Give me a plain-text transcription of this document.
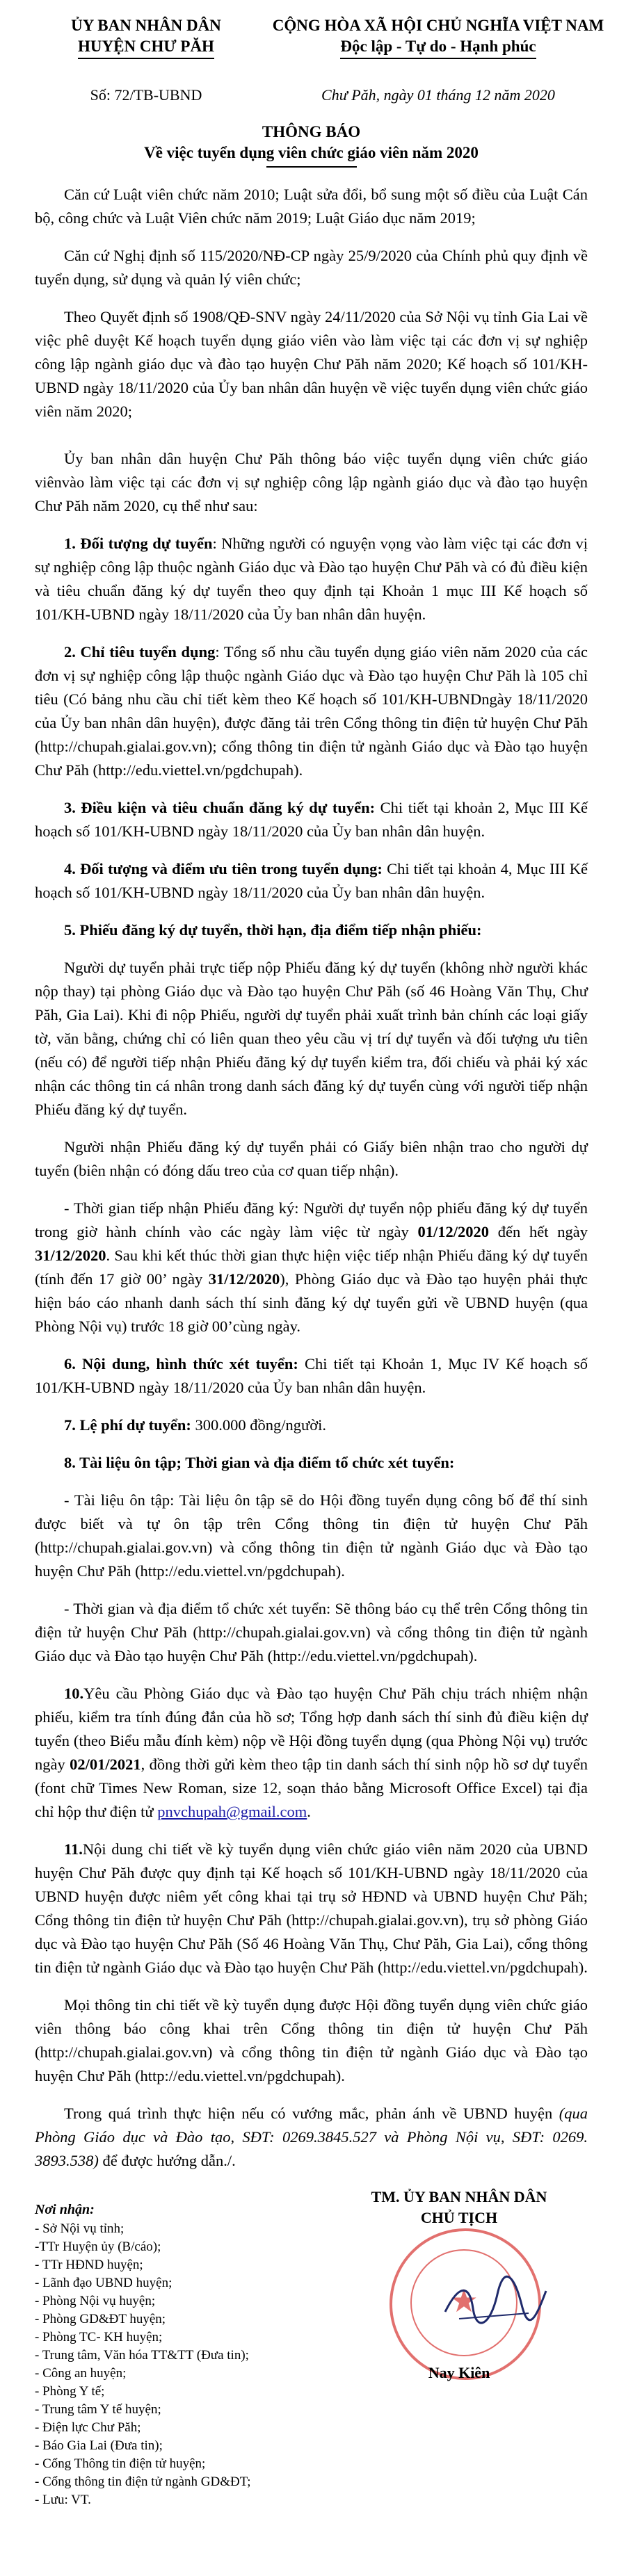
ỦY BAN NHÂN DÂN
HUYỆN CHƯ PĂH
CỘNG HÒA XÃ HỘI CHỦ NGHĨA VIỆT NAM
Độc lập - Tự do - Hạnh phúc
Số: 72/TB-UBND	Chư Păh, ngày 01 tháng 12 năm 2020
THÔNG BÁO
Về việc tuyển dụng viên chức giáo viên năm 2020

Căn cứ Luật viên chức năm 2010; Luật sửa đổi, bổ sung một số điều của Luật Cán bộ, công chức và Luật Viên chức năm 2019; Luật Giáo dục năm 2019;

Căn cứ Nghị định số 115/2020/NĐ-CP ngày 25/9/2020 của Chính phủ quy định về tuyển dụng, sử dụng và quản lý viên chức;

Theo Quyết định số 1908/QĐ-SNV ngày 24/11/2020 của Sở Nội vụ tỉnh Gia Lai về việc phê duyệt Kế hoạch tuyển dụng giáo viên vào làm việc tại các đơn vị sự nghiệp công lập ngành giáo dục và đào tạo huyện Chư Păh năm 2020; Kế hoạch số 101/KH-UBND ngày 18/11/2020 của Ủy ban nhân dân huyện về việc tuyển dụng viên chức giáo viên năm 2020;

Ủy ban nhân dân huyện Chư Păh thông báo việc tuyển dụng viên chức giáo viênvào làm việc tại các đơn vị sự nghiệp công lập ngành giáo dục và đào tạo huyện Chư Păh năm 2020, cụ thể như sau:

1. Đối tượng dự tuyển: Những người có nguyện vọng vào làm việc tại các đơn vị sự nghiệp công lập thuộc ngành Giáo dục và Đào tạo huyện Chư Păh và có đủ điều kiện và tiêu chuẩn đăng ký dự tuyển theo quy định tại Khoản 1 mục III Kế hoạch số 101/KH-UBND ngày 18/11/2020 của Ủy ban nhân dân huyện.

2. Chỉ tiêu tuyển dụng: Tổng số nhu cầu tuyển dụng giáo viên năm 2020 của các đơn vị sự nghiệp công lập thuộc ngành Giáo dục và Đào tạo huyện Chư Păh là 105 chỉ tiêu (Có bảng nhu cầu chỉ tiết kèm theo Kế hoạch số 101/KH-UBNDngày 18/11/2020 của Ủy ban nhân dân huyện), được đăng tải trên Cổng thông tin điện tử huyện Chư Păh (http://chupah.gialai.gov.vn); cổng thông tin điện tử ngành Giáo dục và Đào tạo huyện Chư Păh (http://edu.viettel.vn/pgdchupah).

3. Điều kiện và tiêu chuẩn đăng ký dự tuyển: Chi tiết tại khoản 2, Mục III Kế hoạch số 101/KH-UBND ngày 18/11/2020 của Ủy ban nhân dân huyện.

4. Đối tượng và điểm ưu tiên trong tuyển dụng: Chi tiết tại khoản 4, Mục III Kế hoạch số 101/KH-UBND ngày 18/11/2020 của Ủy ban nhân dân huyện.

5. Phiếu đăng ký dự tuyển, thời hạn, địa điểm tiếp nhận phiếu:

Người dự tuyển phải trực tiếp nộp Phiếu đăng ký dự tuyển (không nhờ người khác nộp thay) tại phòng Giáo dục và Đào tạo huyện Chư Păh (số 46 Hoàng Văn Thụ, Chư Păh, Gia Lai). Khi đi nộp Phiếu, người dự tuyển phải xuất trình bản chính các loại giấy tờ, văn bằng, chứng chỉ có liên quan theo yêu cầu vị trí dự tuyển và đối tượng ưu tiên (nếu có) để người tiếp nhận Phiếu đăng ký dự tuyển kiểm tra, đối chiếu và phải ký xác nhận các thông tin cá nhân trong danh sách đăng ký dự tuyển cùng với người tiếp nhận Phiếu đăng ký dự tuyển.

Người nhận Phiếu đăng ký dự tuyển phải có Giấy biên nhận trao cho người dự tuyển (biên nhận có đóng dấu treo của cơ quan tiếp nhận).

- Thời gian tiếp nhận Phiếu đăng ký: Người dự tuyển nộp phiếu đăng ký dự tuyển trong giờ hành chính vào các ngày làm việc từ ngày 01/12/2020 đến hết ngày 31/12/2020. Sau khi kết thúc thời gian thực hiện việc tiếp nhận Phiếu đăng ký dự tuyển (tính đến 17 giờ 00’ ngày 31/12/2020), Phòng Giáo dục và Đào tạo huyện phải thực hiện báo cáo nhanh danh sách thí sinh đăng ký dự tuyển gửi về UBND huyện (qua Phòng Nội vụ) trước 18 giờ 00’cùng ngày.

6. Nội dung, hình thức xét tuyển: Chi tiết tại Khoản 1, Mục IV Kế hoạch số 101/KH-UBND ngày 18/11/2020 của Ủy ban nhân dân huyện.

7. Lệ phí dự tuyển: 300.000 đồng/người.

8. Tài liệu ôn tập; Thời gian và địa điểm tổ chức xét tuyển:

- Tài liệu ôn tập: Tài liệu ôn tập sẽ do Hội đồng tuyển dụng công bố để thí sinh được biết và tự ôn tập trên Cổng thông tin điện tử huyện Chư Păh (http://chupah.gialai.gov.vn) và cổng thông tin điện tử ngành Giáo dục và Đào tạo huyện Chư Păh (http://edu.viettel.vn/pgdchupah).

- Thời gian và địa điểm tổ chức xét tuyển: Sẽ thông báo cụ thể trên Cổng thông tin điện tử huyện Chư Păh (http://chupah.gialai.gov.vn) và cổng thông tin điện tử ngành Giáo dục và Đào tạo huyện Chư Păh (http://edu.viettel.vn/pgdchupah).

10.Yêu cầu Phòng Giáo dục và Đào tạo huyện Chư Păh chịu trách nhiệm nhận phiếu, kiểm tra tính đúng đắn của hồ sơ; Tổng hợp danh sách thí sinh đủ điều kiện dự tuyển (theo Biểu mẫu đính kèm) nộp về Hội đồng tuyển dụng (qua Phòng Nội vụ) trước ngày 02/01/2021, đồng thời gửi kèm theo tập tin danh sách thí sinh nộp hồ sơ dự tuyển (font chữ Times New Roman, size 12, soạn thảo bằng Microsoft Office Excel) tại địa chỉ hộp thư điện tử pnvchupah@gmail.com.

11.Nội dung chi tiết về kỳ tuyển dụng viên chức giáo viên năm 2020 của UBND huyện Chư Păh được quy định tại Kế hoạch số 101/KH-UBND ngày 18/11/2020 của UBND huyện được niêm yết công khai tại trụ sở HĐND và UBND huyện Chư Păh; Cổng thông tin điện tử huyện Chư Păh (http://chupah.gialai.gov.vn), trụ sở phòng Giáo dục và Đào tạo huyện Chư Păh (Số 46 Hoàng Văn Thụ, Chư Păh, Gia Lai), cổng thông tin điện tử ngành Giáo dục và Đào tạo huyện Chư Păh (http://edu.viettel.vn/pgdchupah).

Mọi thông tin chi tiết về kỳ tuyển dụng được Hội đồng tuyển dụng viên chức giáo viên thông báo công khai trên Cổng thông tin điện tử huyện Chư Păh (http://chupah.gialai.gov.vn) và cổng thông tin điện tử ngành Giáo dục và Đào tạo huyện Chư Păh (http://edu.viettel.vn/pgdchupah).

Trong quá trình thực hiện nếu có vướng mắc, phản ánh về UBND huyện (qua Phòng Giáo dục và Đào tạo, SĐT: 0269.3845.527 và Phòng Nội vụ, SĐT: 0269. 3893.538) để được hướng dẫn./.

Nơi nhận:
- Sở Nội vụ tỉnh;
-TTr Huyện ủy (B/cáo);
- TTr HĐND huyện;
- Lãnh đạo UBND huyện;
- Phòng Nội vụ huyện;
- Phòng GD&ĐT huyện;
- Phòng TC- KH huyện;
- Trung tâm, Văn hóa TT&TT (Đưa tin);
- Công an huyện;
- Phòng Y tế;
- Trung tâm Y tế huyện;
- Điện lực Chư Păh;
- Báo Gia Lai (Đưa tin);
- Cổng Thông tin điện tử huyện;
- Cổng thông tin điện tử ngành GD&ĐT;
- Lưu: VT.
TM. ỦY BAN NHÂN DÂN
CHỦ TỊCH
★
Nay Kiên
